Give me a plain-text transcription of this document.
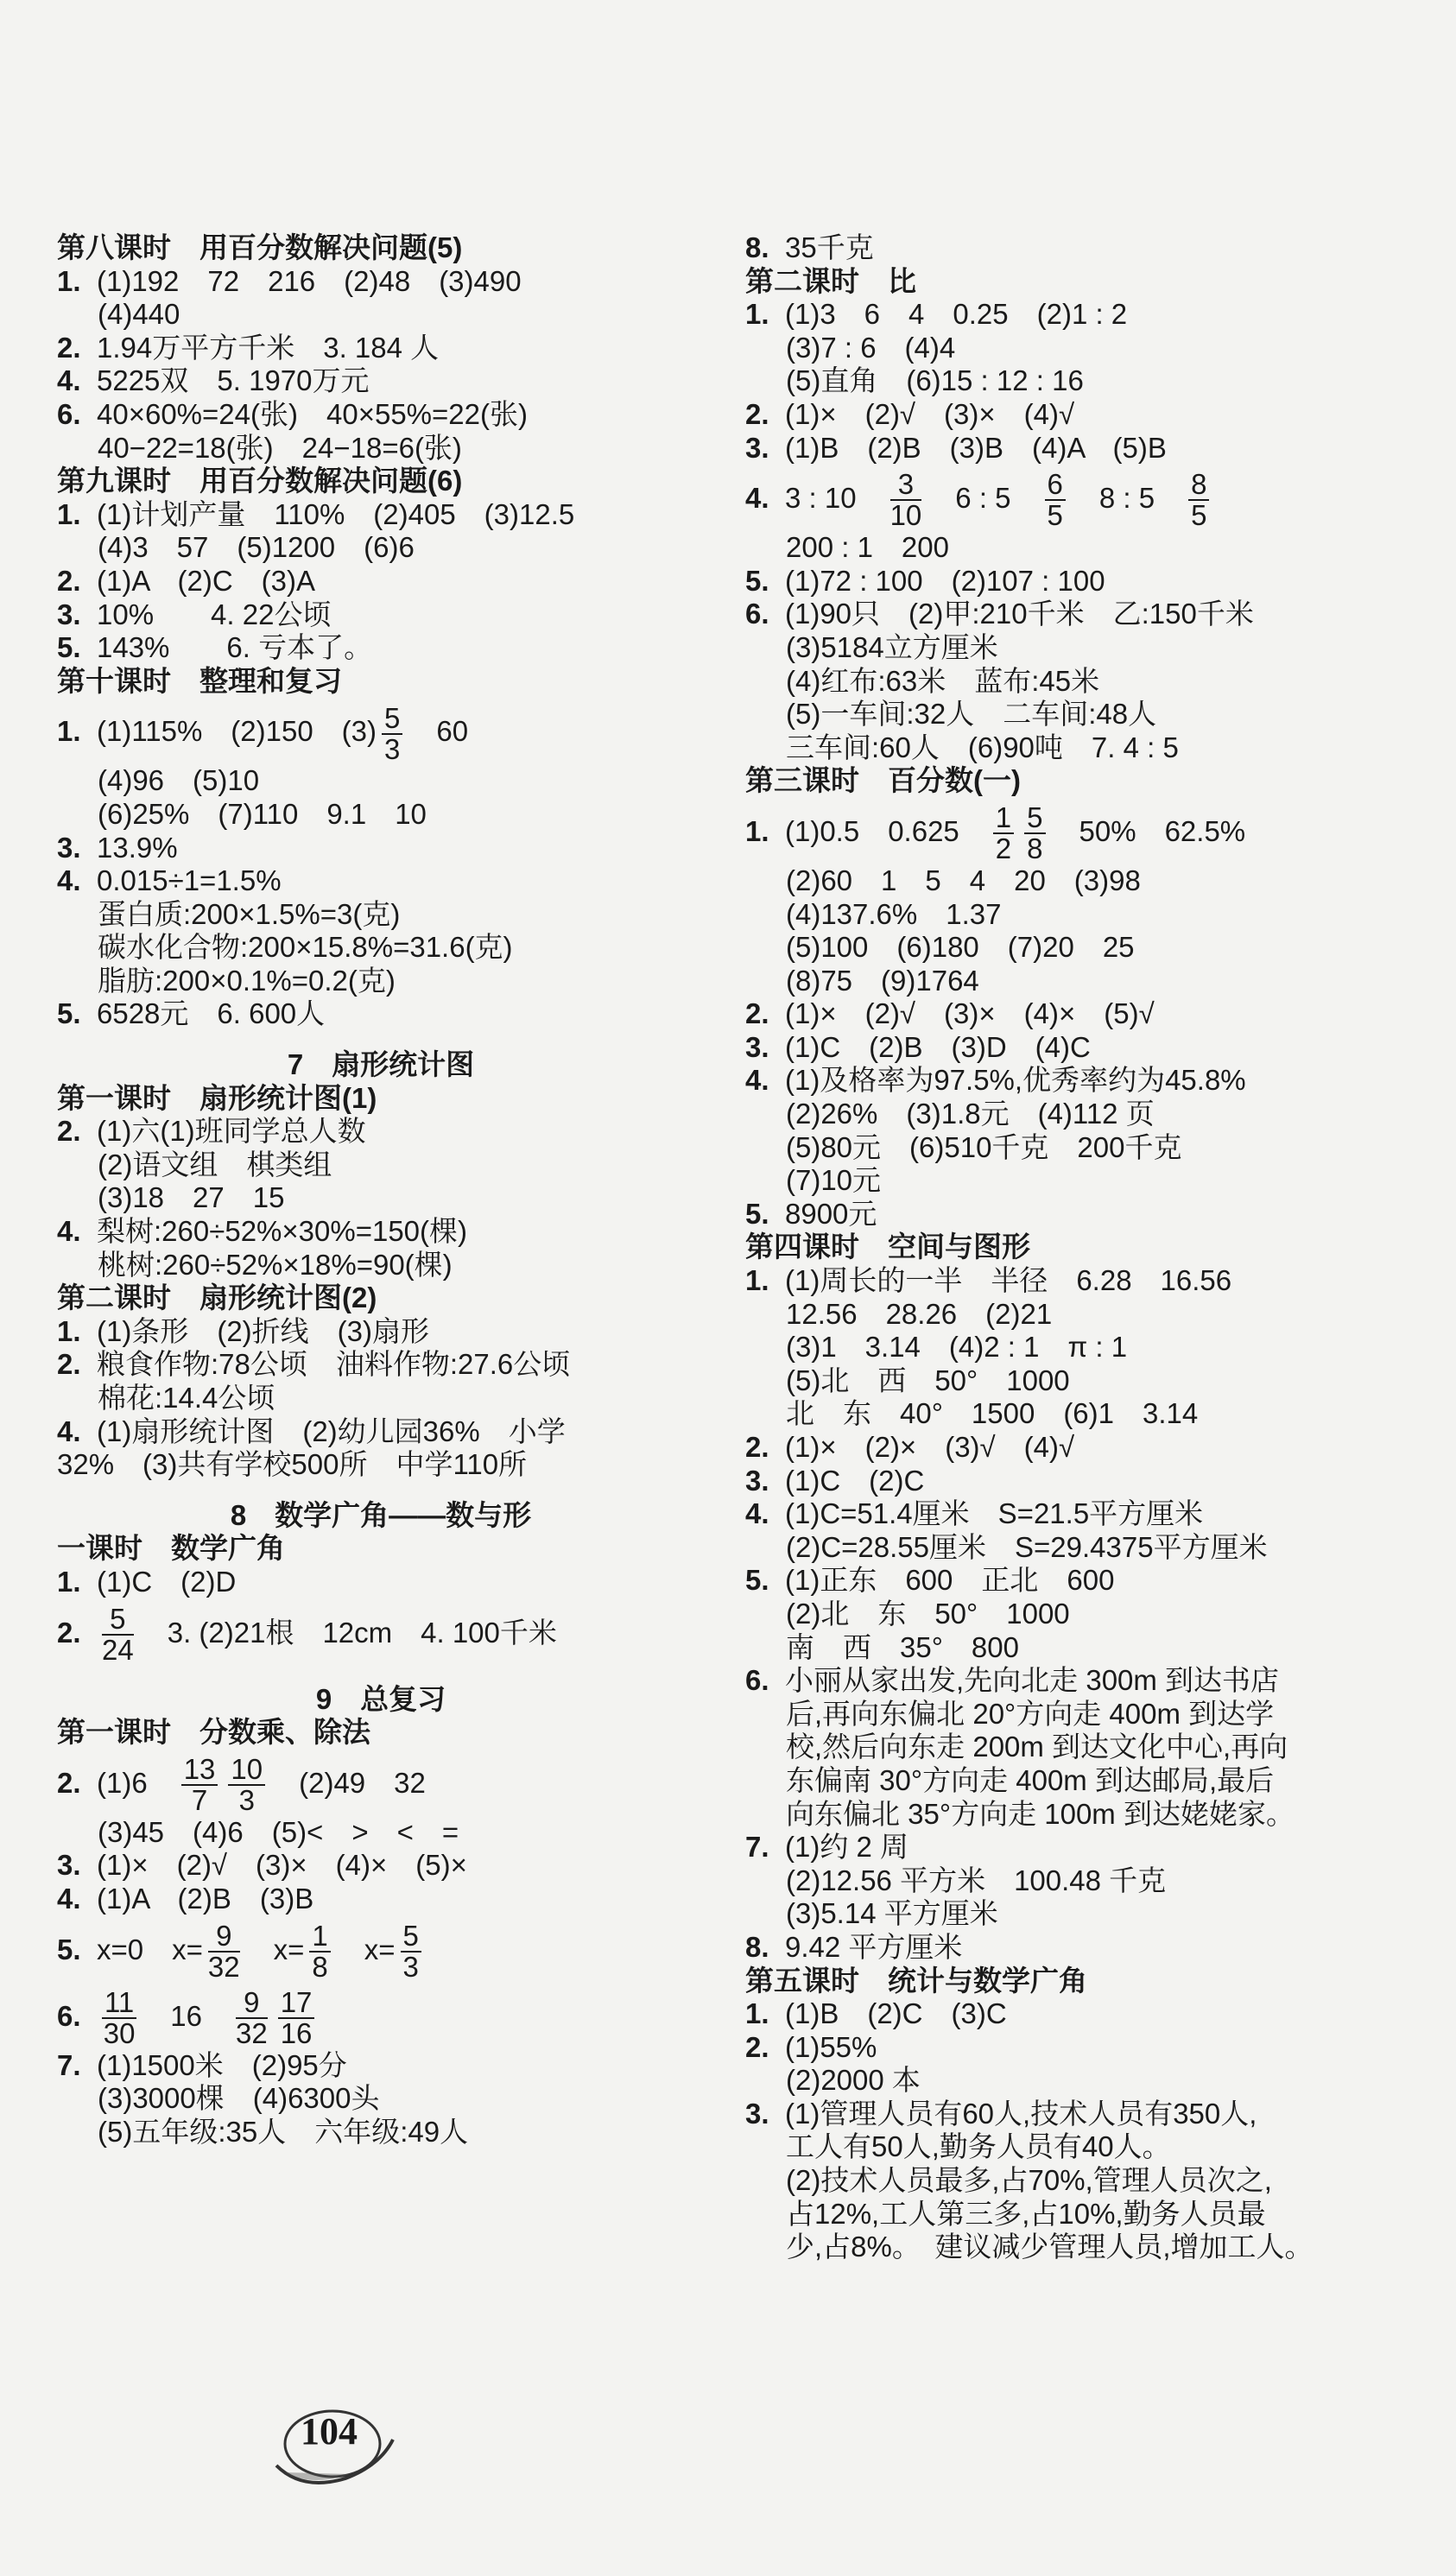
第八课时　用百分数解决问题(5)
1. (1)192　72　216　(2)48　(3)490
(4)440
2. 1.94万平方千米　3. 184 人
4. 5225双　5. 1970万元
6. 40×60%=24(张)　40×55%=22(张)
40−22=18(张)　24−18=6(张)
第九课时　用百分数解决问题(6)
1. (1)计划产量　110%　(2)405　(3)12.5
(4)3　57　(5)1200　(6)6
2. (1)A　(2)C　(3)A
3. 10%　　4. 22公顷
5. 143%　　6. 亏本了。
第十课时　整理和复习
1. (1)115%　(2)150　$(3) \frac{5}{3}$ 　60
(4)96　(5)10
(6)25%　(7)110　9.1　10
3. 13.9%
4. 0.015÷1=1.5%
蛋白质:200×1.5%=3(克)
碳水化合物:200×15.8%=31.6(克)
脂肪:200×0.1%=0.2(克)
5. 6528元　6. 600人
7　扇形统计图
第一课时　扇形统计图(1)
2. (1)六(1)班同学总人数
(2)语文组　棋类组
(3)18　27　15
4. 梨树:260÷52%×30%=150(棵)
桃树:260÷52%×18%=90(棵)
第二课时　扇形统计图(2)
1. (1)条形　(2)折线　(3)扇形
2. 粮食作物:78公顷　油料作物:27.6公顷
棉花:14.4公顷
4. (1)扇形统计图　(2)幼儿园36%　小学
32%　(3)共有学校500所　中学110所
8　数学广角——数与形
一课时　数学广角
1. (1)C　(2)D
2. $\frac{5}{24}$ 　3. (2)21根　12cm　4. 100千米
9　总复习
第一课时　分数乘、除法
2. (1)6　 $\frac{13}{7} \frac{10}{3}$ 　(2)49　32
(3)45　(4)6　(5)<　>　<　=
3. (1)×　(2)√　(3)×　(4)×　(5)×
4. (1)A　(2)B　(3)B
5. x=0　$x= \frac{9}{32}$ 　$x= \frac{1}{8}$ 　$x= \frac{5}{3}$
6. $\frac{11}{30}$ 　16　 $\frac{9}{32} \frac{17}{16}$
7. (1)1500米　(2)95分
(3)3000棵　(4)6300头
(5)五年级:35人　六年级:49人
8. 35千克
第二课时　比
1. (1)3　6　4　0.25　(2)1 : 2
(3)7 : 6　(4)4
(5)直角　(6)15 : 12 : 16
2. (1)×　(2)√　(3)×　(4)√
3. (1)B　(2)B　(3)B　(4)A　(5)B
4. 3 : 10　 $\frac{3}{10}$ 　6 : 5　 $\frac{6}{5}$ 　8 : 5　 $\frac{8}{5}$
200 : 1　200
5. (1)72 : 100　(2)107 : 100
6. (1)90只　(2)甲:210千米　乙:150千米
(3)5184立方厘米
(4)红布:63米　蓝布:45米
(5)一车间:32人　二车间:48人
三车间:60人　(6)90吨　7. 4 : 5
第三课时　百分数(一)
1. (1)0.5　0.625　 $\frac{1}{2} \frac{5}{8}$ 　50%　62.5%
(2)60　1　5　4　20　(3)98
(4)137.6%　1.37
(5)100　(6)180　(7)20　25
(8)75　(9)1764
2. (1)×　(2)√　(3)×　(4)×　(5)√
3. (1)C　(2)B　(3)D　(4)C
4. (1)及格率为97.5%,优秀率约为45.8%
(2)26%　(3)1.8元　(4)112 页
(5)80元　(6)510千克　200千克
(7)10元
5. 8900元
第四课时　空间与图形
1. (1)周长的一半　半径　6.28　16.56
12.56　28.26　(2)21
(3)1　3.14　(4)2 : 1　π : 1
(5)北　西　50°　1000
北　东　40°　1500　(6)1　3.14
2. (1)×　(2)×　(3)√　(4)√
3. (1)C　(2)C
4. (1)C=51.4厘米　S=21.5平方厘米
(2)C=28.55厘米　S=29.4375平方厘米
5. (1)正东　600　正北　600
(2)北　东　50°　1000
南　西　35°　800
6. 小丽从家出发,先向北走 300m 到达书店
后,再向东偏北 20°方向走 400m 到达学
校,然后向东走 200m 到达文化中心,再向
东偏南 30°方向走 400m 到达邮局,最后
向东偏北 35°方向走 100m 到达姥姥家。
7. (1)约 2 周
(2)12.56 平方米　100.48 千克
(3)5.14 平方厘米
8. 9.42 平方厘米
第五课时　统计与数学广角
1. (1)B　(2)C　(3)C
2. (1)55%
(2)2000 本
3. (1)管理人员有60人,技术人员有350人,
工人有50人,勤务人员有40人。
(2)技术人员最多,占70%,管理人员次之,
占12%,工人第三多,占10%,勤务人员最
少,占8%。　建议减少管理人员,增加工人。
104
